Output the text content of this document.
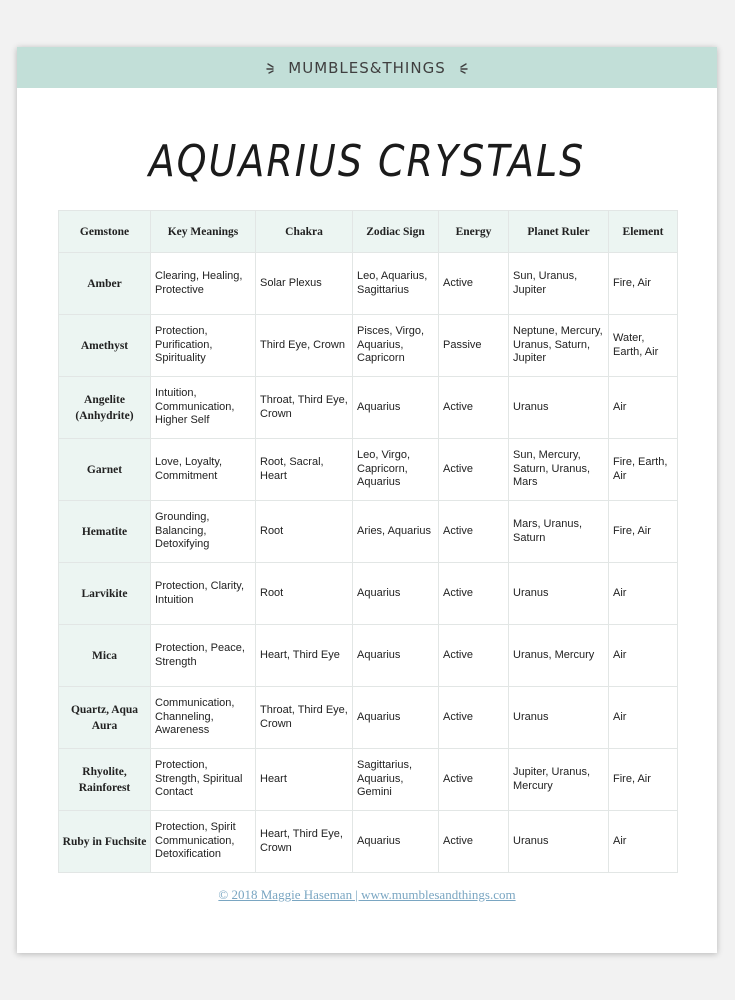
MUMBLES&THINGS
AQUARIUS CRYSTALS
Gemstone	Key Meanings	Chakra	Zodiac Sign	Energy	Planet Ruler	Element
Amber	Clearing, Healing, Protective	Solar Plexus	Leo, Aquarius, Sagittarius	Active	Sun, Uranus, Jupiter	Fire, Air
Amethyst	Protection, Purification, Spirituality	Third Eye, Crown	Pisces, Virgo, Aquarius, Capricorn	Passive	Neptune, Mercury, Uranus, Saturn, Jupiter	Water, Earth, Air
Angelite (Anhydrite)	Intuition, Communication, Higher Self	Throat, Third Eye, Crown	Aquarius	Active	Uranus	Air
Garnet	Love, Loyalty, Commitment	Root, Sacral, Heart	Leo, Virgo, Capricorn, Aquarius	Active	Sun, Mercury, Saturn, Uranus, Mars	Fire, Earth, Air
Hematite	Grounding, Balancing, Detoxifying	Root	Aries, Aquarius	Active	Mars, Uranus, Saturn	Fire, Air
Larvikite	Protection, Clarity, Intuition	Root	Aquarius	Active	Uranus	Air
Mica	Protection, Peace, Strength	Heart, Third Eye	Aquarius	Active	Uranus, Mercury	Air
Quartz, Aqua Aura	Communication, Channeling, Awareness	Throat, Third Eye, Crown	Aquarius	Active	Uranus	Air
Rhyolite, Rainforest	Protection, Strength, Spiritual Contact	Heart	Sagittarius, Aquarius, Gemini	Active	Jupiter, Uranus, Mercury	Fire, Air
Ruby in Fuchsite	Protection, Spirit Communication, Detoxification	Heart, Third Eye, Crown	Aquarius	Active	Uranus	Air
© 2018 Maggie Haseman | www.mumblesandthings.com
